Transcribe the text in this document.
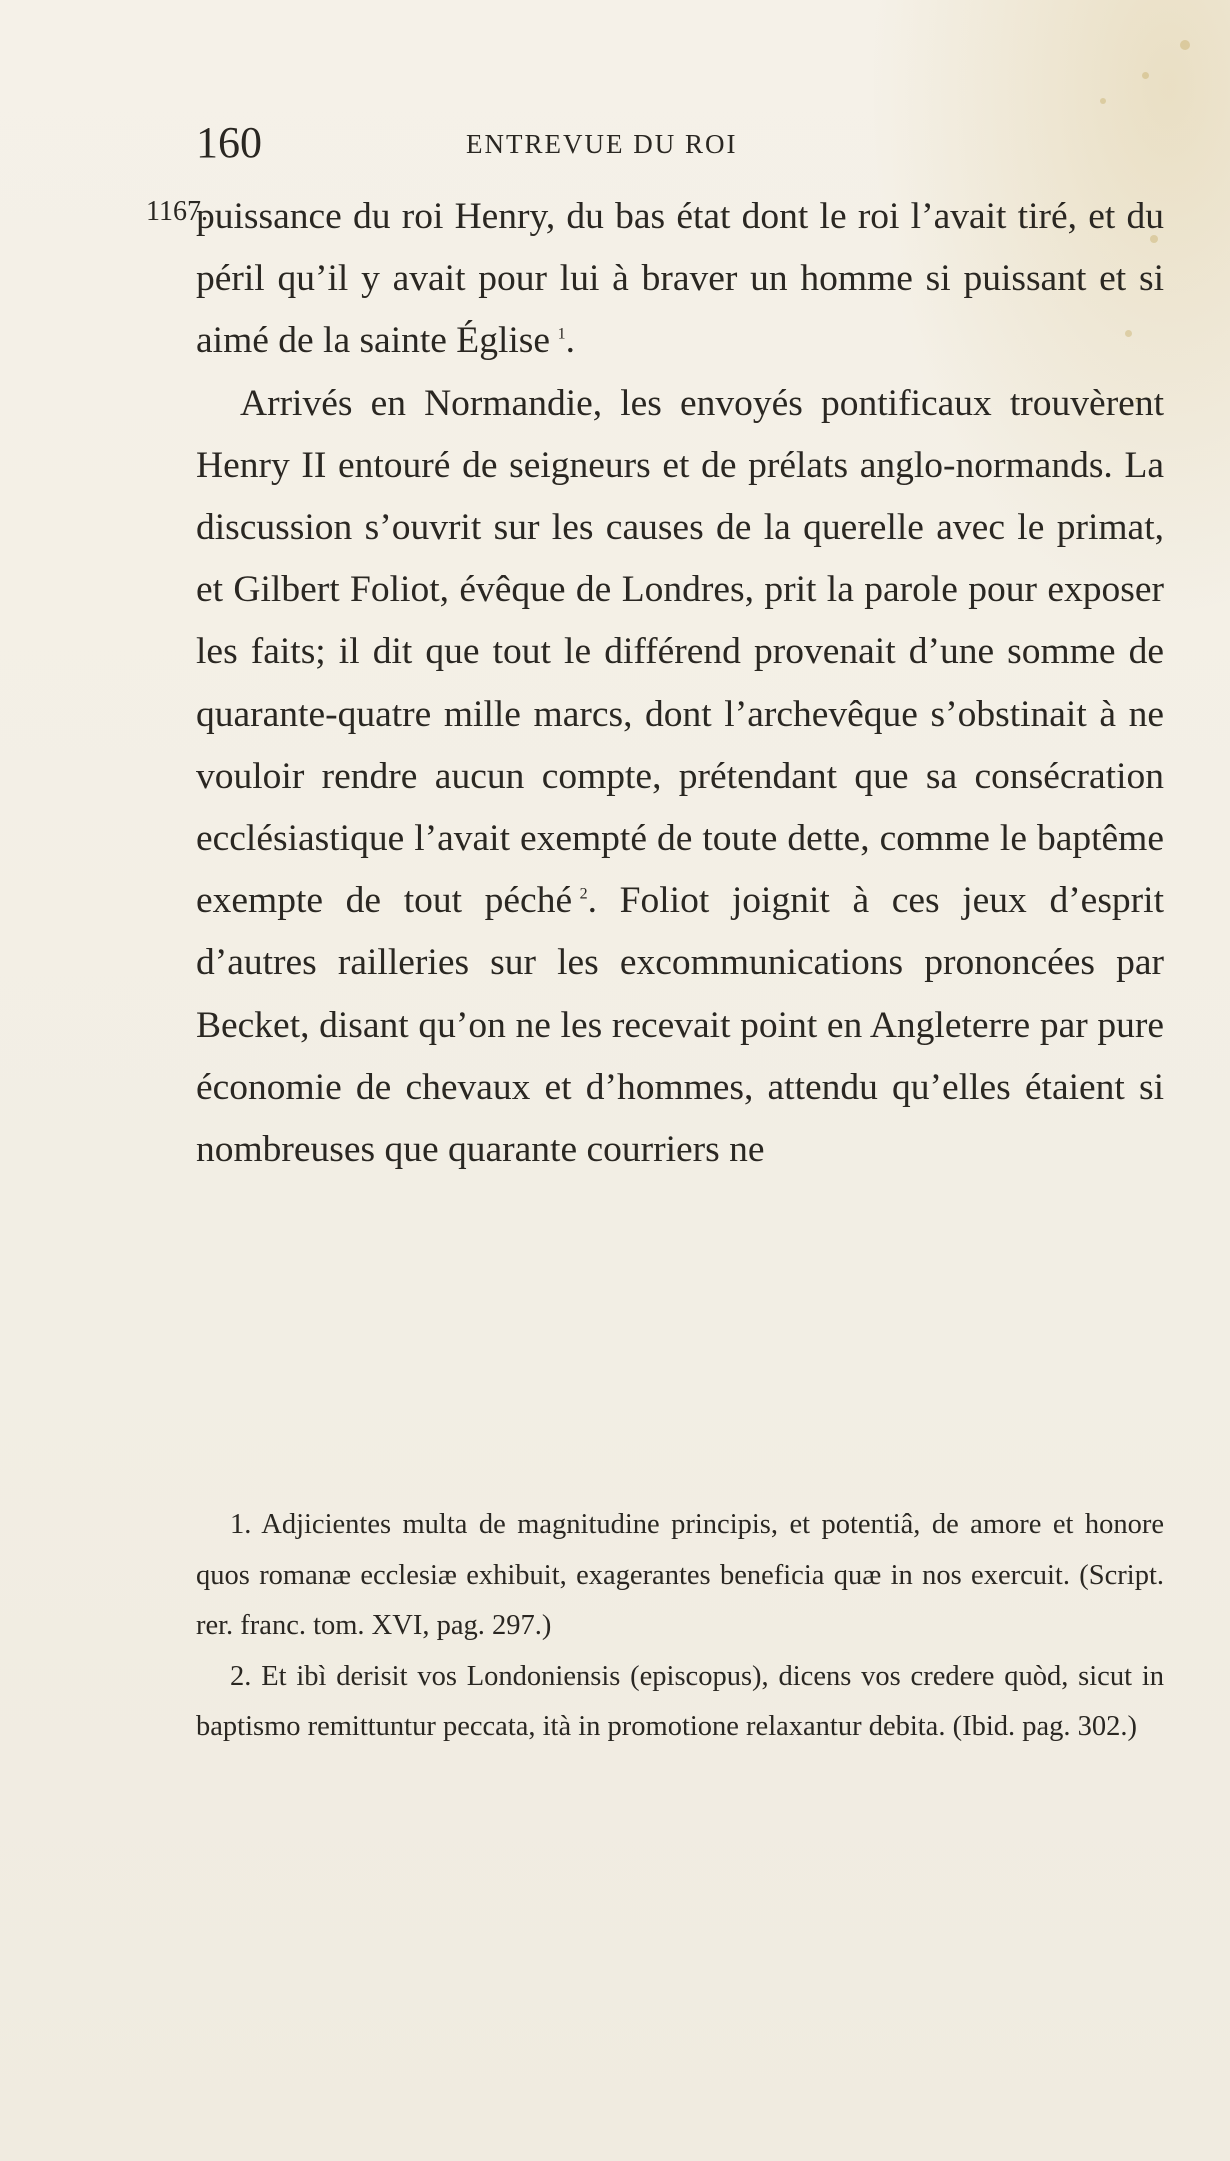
160	ENTREVUE DU ROI
1167.

puissance du roi Henry, du bas état dont le roi l’avait tiré, et du péril qu’il y avait pour lui à braver un homme si puissant et si aimé de la sainte Église  $^1$.

Arrivés en Normandie, les envoyés pontificaux trouvèrent Henry II entouré de seigneurs et de prélats anglo-normands. La discussion s’ouvrit sur les causes de la querelle avec le primat, et Gilbert Foliot, évêque de Londres, prit la parole pour exposer les faits; il dit que tout le différend provenait d’une somme de quarante-quatre mille marcs, dont l’archevêque s’obstinait à ne vouloir rendre aucun compte, prétendant que sa consécration ecclésiastique l’avait exempté de toute dette, comme le baptême exempte de tout péché  $^2$. Foliot joignit à ces jeux d’esprit d’autres railleries sur les excommunications prononcées par Becket, disant qu’on ne les recevait point en Angleterre par pure économie de chevaux et d’hommes, attendu qu’elles étaient si nombreuses que quarante courriers ne

1. Adjicientes multa de magnitudine principis, et potentiâ, de amore et honore quos romanæ ecclesiæ exhibuit, exagerantes beneficia quæ in nos exercuit. (Script. rer. franc. tom. XVI, pag. 297.)

2. Et ibì derisit vos Londoniensis (episcopus), dicens vos credere quòd, sicut in baptismo remittuntur peccata, ità in promotione relaxantur debita. (Ibid. pag. 302.)
